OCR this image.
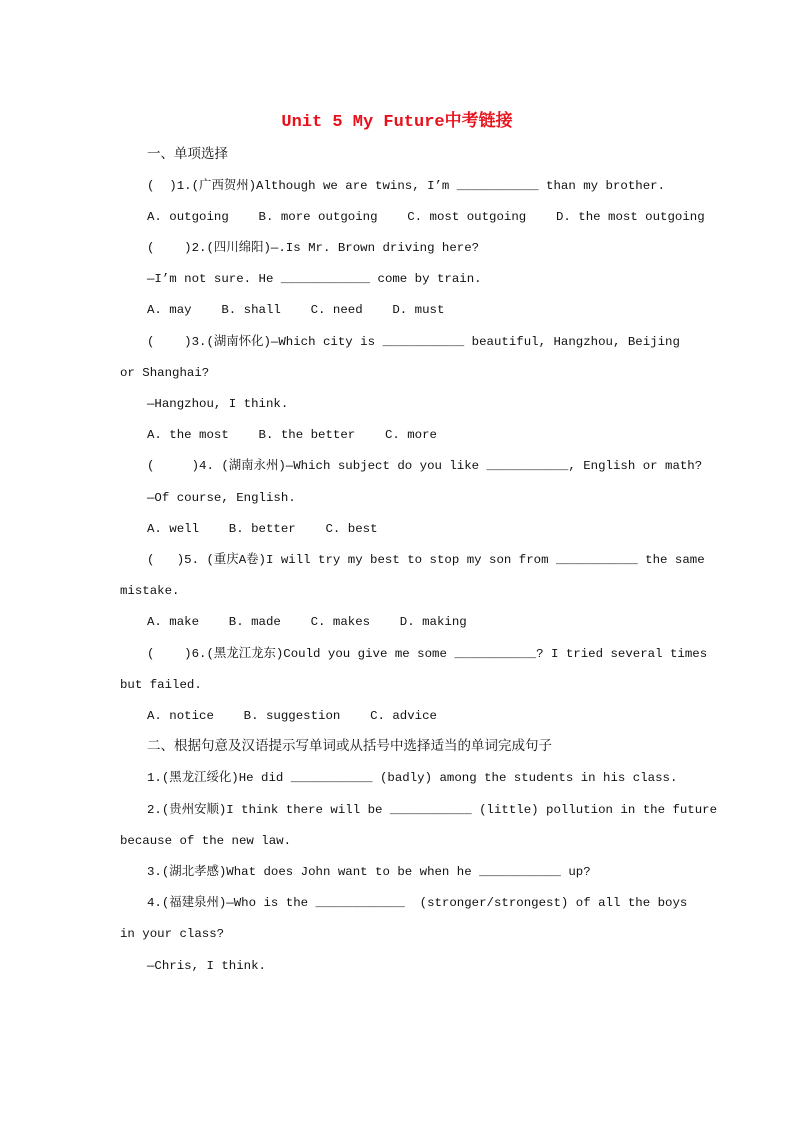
Unit 5 My Future中考链接
一、单项选择
(  )1.(广西贺州)Although we are twins, I’m ___________ than my brother.
A. outgoing    B. more outgoing    C. most outgoing    D. the most outgoing
(    )2.(四川绵阳)—.Is Mr. Brown driving here?
—I’m not sure. He ____________ come by train.
A. may    B. shall    C. need    D. must
(    )3.(湖南怀化)—Which city is ___________ beautiful, Hangzhou, Beijing
or Shanghai?
—Hangzhou, I think.
A. the most    B. the better    C. more
(     )4. (湖南永州)—Which subject do you like ___________, English or math?
—Of course, English.
A. well    B. better    C. best
(   )5. (重庆A卷)I will try my best to stop my son from ___________ the same
mistake.
A. make    B. made    C. makes    D. making
(    )6.(黑龙江龙东)Could you give me some ___________? I tried several times
but failed.
A. notice    B. suggestion    C. advice
二、根据句意及汉语提示写单词或从括号中选择适当的单词完成句子
1.(黑龙江绥化)He did ___________ (badly) among the students in his class.
2.(贵州安顺)I think there will be ___________ (little) pollution in the future
because of the new law.
3.(湖北孝感)What does John want to be when he ___________ up?
4.(福建泉州)—Who is the ____________  (stronger/strongest) of all the boys
in your class?
—Chris, I think.
